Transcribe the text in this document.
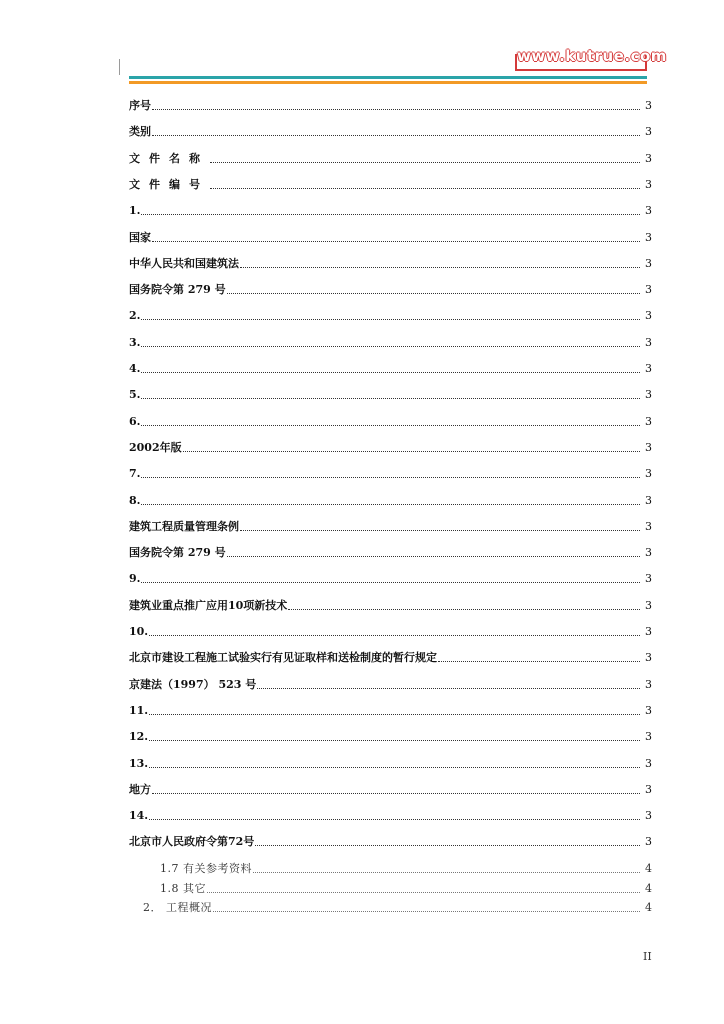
www.kutrue.com
序号	3
类别	3
文件名称	3
文件编号	3
1.	3
国家	3
中华人民共和国建筑法	3
国务院令第 279 号	3
2.	3
3.	3
4.	3
5.	3
6.	3
2002年版	3
7.	3
8.	3
建筑工程质量管理条例	3
国务院令第 279 号	3
9.	3
建筑业重点推广应用10项新技术	3
10.	3
北京市建设工程施工试验实行有见证取样和送检制度的暂行规定	3
京建法（1997） 523 号	3
11.	3
12.	3
13.	3
地方	3
14.	3
北京市人民政府令第72号	3
1.7 有关参考资料	4
1.8 其它	4
2． 工程概况	4
II
